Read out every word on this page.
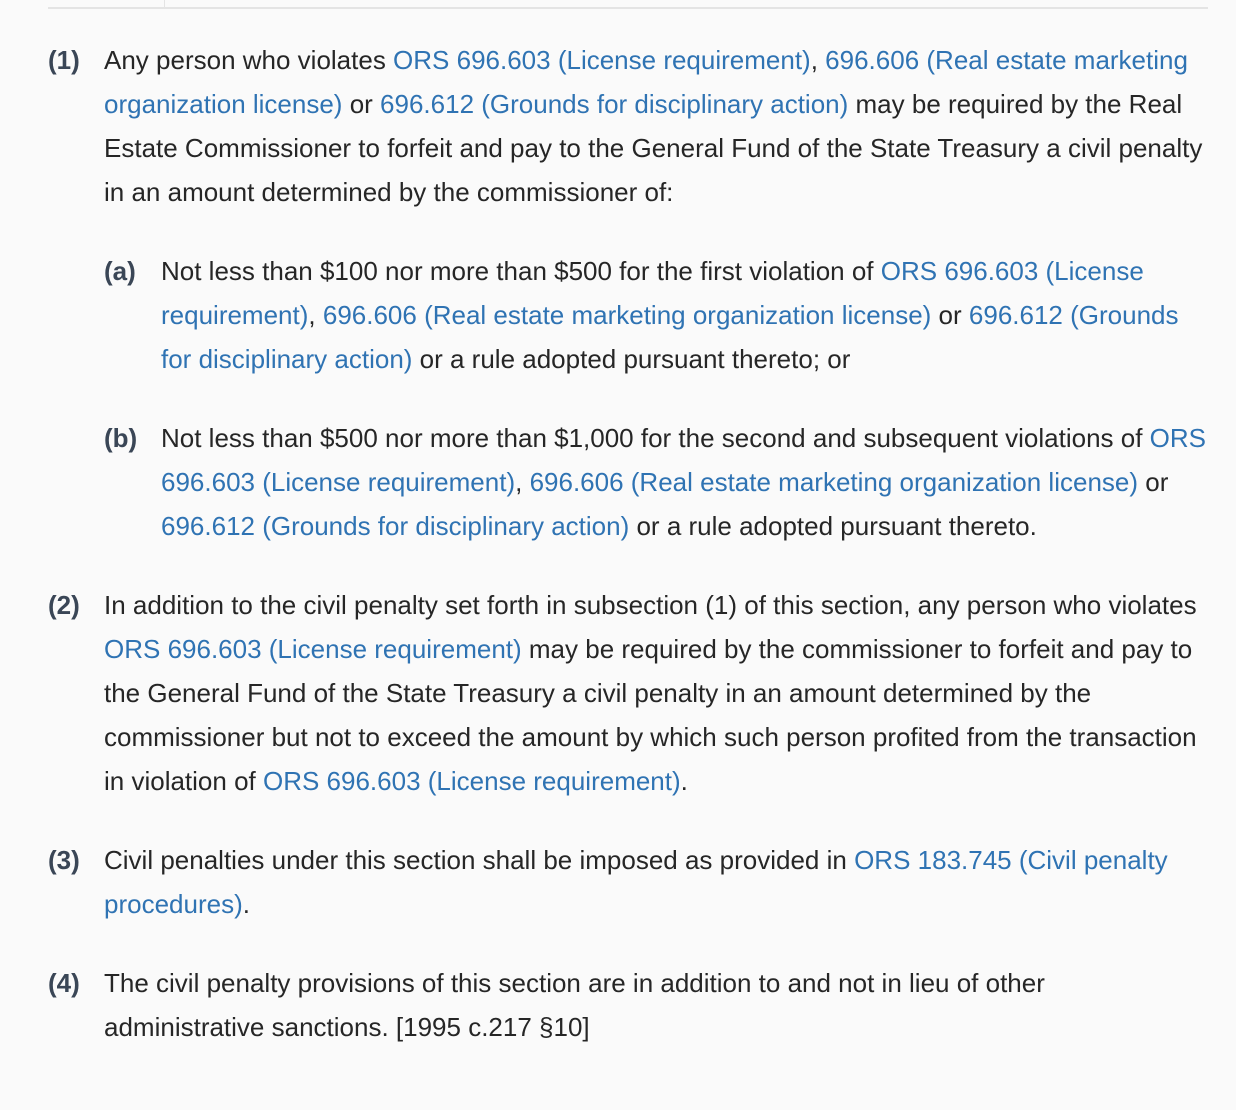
(1) Any person who violates ORS 696.603 (License requirement), 696.606 (Real estate marketing organization license) or 696.612 (Grounds for disciplinary action) may be required by the Real Estate Commissioner to forfeit and pay to the General Fund of the State Treasury a civil penalty in an amount determined by the commissioner of:
(a) Not less than $100 nor more than $500 for the first violation of ORS 696.603 (License requirement), 696.606 (Real estate marketing organization license) or 696.612 (Grounds for disciplinary action) or a rule adopted pursuant thereto; or
(b) Not less than $500 nor more than $1,000 for the second and subsequent violations of ORS 696.603 (License requirement), 696.606 (Real estate marketing organization license) or 696.612 (Grounds for disciplinary action) or a rule adopted pursuant thereto.
(2) In addition to the civil penalty set forth in subsection (1) of this section, any person who violates ORS 696.603 (License requirement) may be required by the commissioner to forfeit and pay to the General Fund of the State Treasury a civil penalty in an amount determined by the commissioner but not to exceed the amount by which such person profited from the transaction in violation of ORS 696.603 (License requirement).
(3) Civil penalties under this section shall be imposed as provided in ORS 183.745 (Civil penalty procedures).
(4) The civil penalty provisions of this section are in addition to and not in lieu of other administrative sanctions. [1995 c.217 §10]
